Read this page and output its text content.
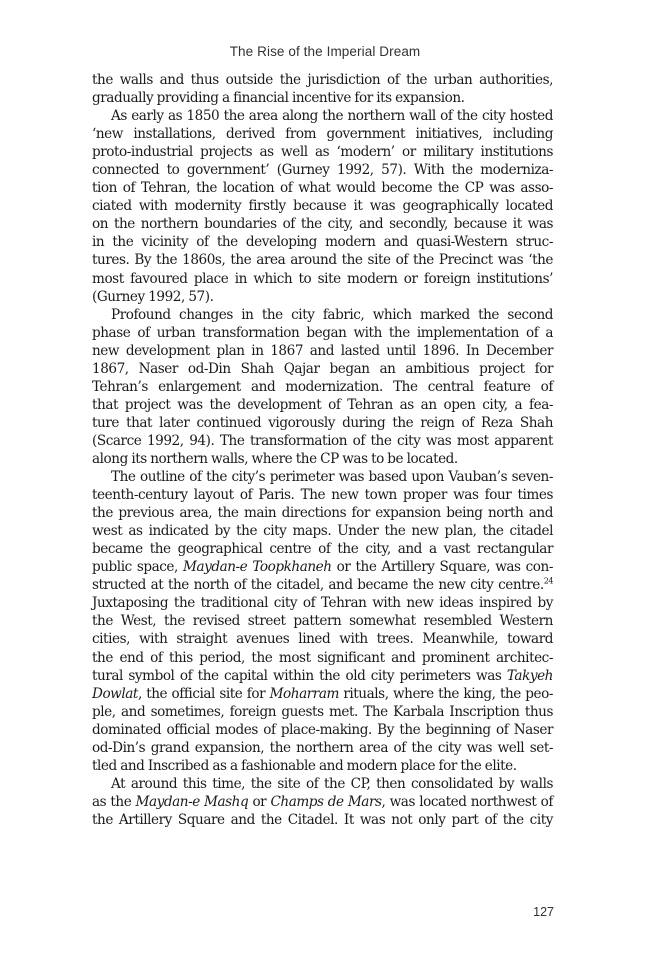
The Rise of the Imperial Dream
the walls and thus outside the jurisdiction of the urban authorities,
gradually providing a financial incentive for its expansion.
As early as 1850 the area along the northern wall of the city hosted
‘new installations, derived from government initiatives, including
proto-industrial projects as well as ‘modern’ or military institutions
connected to government’ (Gurney 1992, 57). With the moderniza-
tion of Tehran, the location of what would become the CP was asso-
ciated with modernity firstly because it was geographically located
on the northern boundaries of the city, and secondly, because it was
in the vicinity of the developing modern and quasi-Western struc-
tures. By the 1860s, the area around the site of the Precinct was ‘the
most favoured place in which to site modern or foreign institutions’
(Gurney 1992, 57).
Profound changes in the city fabric, which marked the second
phase of urban transformation began with the implementation of a
new development plan in 1867 and lasted until 1896. In December
1867, Naser od-Din Shah Qajar began an ambitious project for
Tehran’s enlargement and modernization. The central feature of
that project was the development of Tehran as an open city, a fea-
ture that later continued vigorously during the reign of Reza Shah
(Scarce 1992, 94). The transformation of the city was most apparent
along its northern walls, where the CP was to be located.
The outline of the city’s perimeter was based upon Vauban’s seven-
teenth-century layout of Paris. The new town proper was four times
the previous area, the main directions for expansion being north and
west as indicated by the city maps. Under the new plan, the citadel
became the geographical centre of the city, and a vast rectangular
public space, Maydan-e Toopkhaneh or the Artillery Square, was con-
structed at the north of the citadel, and became the new city centre.$^{24}$
Juxtaposing the traditional city of Tehran with new ideas inspired by
the West, the revised street pattern somewhat resembled Western
cities, with straight avenues lined with trees. Meanwhile, toward
the end of this period, the most significant and prominent architec-
tural symbol of the capital within the old city perimeters was Takyeh
Dowlat, the official site for Moharram rituals, where the king, the peo-
ple, and sometimes, foreign guests met. The Karbala Inscription thus
dominated official modes of place-making. By the beginning of Naser
od-Din’s grand expansion, the northern area of the city was well set-
tled and Inscribed as a fashionable and modern place for the elite.
At around this time, the site of the CP, then consolidated by walls
as the Maydan-e Mashq or Champs de Mars, was located northwest of
the Artillery Square and the Citadel. It was not only part of the city
127
